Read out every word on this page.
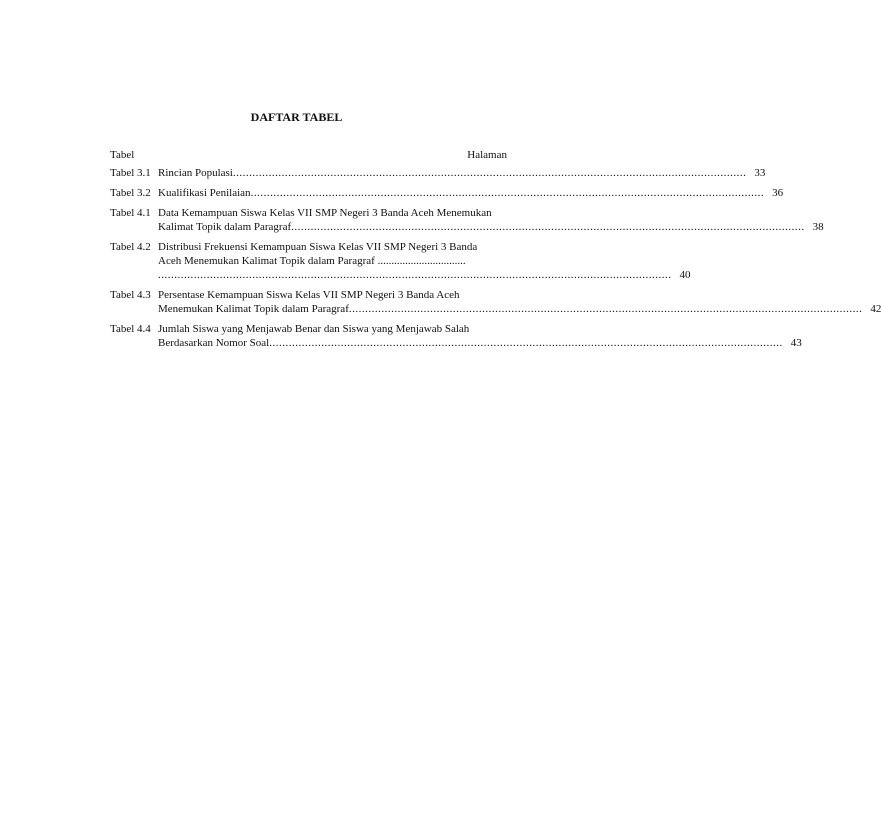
DAFTAR TABEL
Tabel	Halaman
Tabel 3.1 Rincian Populasi .............................................................................................................................................................. 33
Tabel 3.2 Kualifikasi Penilaian .............................................................................................................................................................. 36
Tabel 4.1 Data Kemampuan Siswa Kelas VII SMP Negeri 3 Banda Aceh Menemukan
Kalimat Topik dalam Paragraf .............................................................................................................................................................. 38
Tabel 4.2 Distribusi Frekuensi Kemampuan Siswa Kelas VII SMP Negeri 3 Banda
Aceh Menemukan Kalimat Topik dalam Paragraf ................................
.............................................................................................................................................................. 40
Tabel 4.3 Persentase Kemampuan Siswa Kelas VII SMP Negeri 3 Banda Aceh
Menemukan Kalimat Topik dalam Paragraf .............................................................................................................................................................. 42
Tabel 4.4 Jumlah Siswa yang Menjawab Benar dan Siswa yang Menjawab Salah
Berdasarkan Nomor Soal .............................................................................................................................................................. 43
